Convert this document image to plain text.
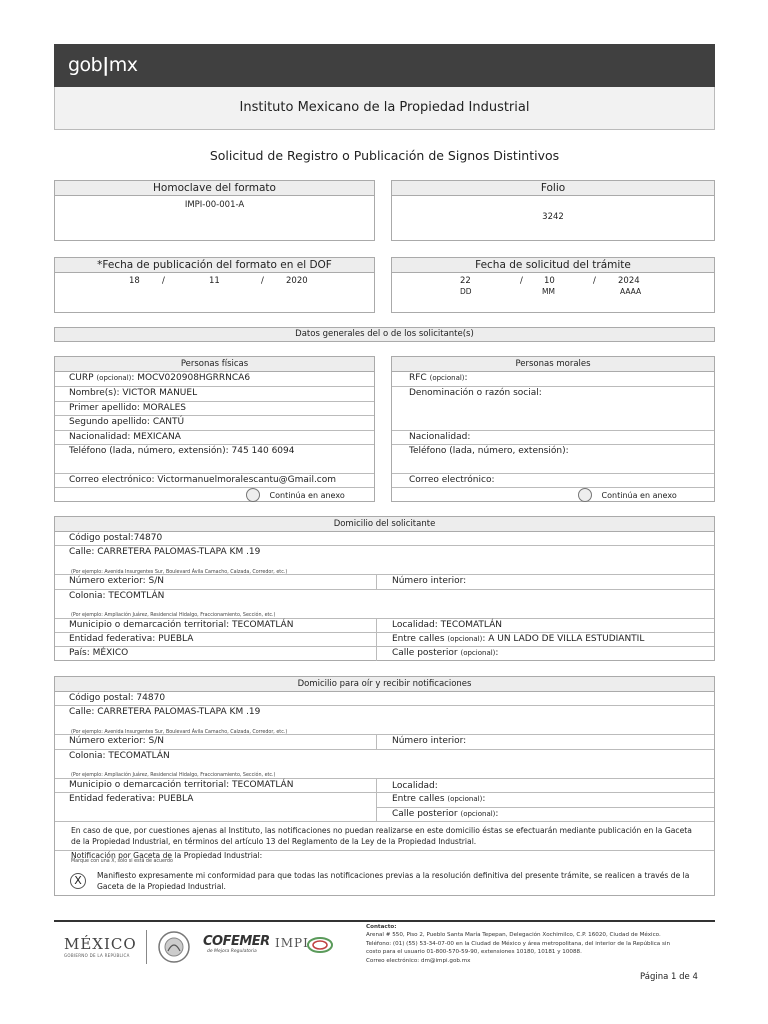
gob|mx
Instituto Mexicano de la Propiedad Industrial
Solicitud de Registro o Publicación de Signos Distintivos
Homoclave del formato
IMPI-00-001-A
Folio
3242
*Fecha de publicación del formato en el DOF
18	/	11	/	2020
Fecha de solicitud del trámite
22	/ 10	/	2024
DD	MM	AAAA
Datos generales del o de los solicitante(s)
Personas físicas
CURP (opcional): MOCV020908HGRRNCA6
Nombre(s): VICTOR MANUEL
Primer apellido: MORALES
Segundo apellido: CANTÚ
Nacionalidad: MEXICANA
Teléfono (lada, número, extensión): 745 140 6094
Correo electrónico: Victormanuelmoralescantu@Gmail.com
Continúa en anexo
Personas morales
RFC (opcional):
Denominación o razón social:
Nacionalidad:
Teléfono (lada, número, extensión):
Correo electrónico:
Continúa en anexo
Domicilio del solicitante
Código postal:74870
Calle: CARRETERA PALOMAS-TLAPA KM .19
(Por ejemplo: Avenida Insurgentes Sur, Boulevard Ávila Camacho, Calzada, Corredor, etc.)
Número exterior: S/N	Número interior:
Colonia: TECOMTLÁN
(Por ejemplo: Ampliación Juárez, Residencial Hidalgo, Fraccionamiento, Sección, etc.)
Municipio o demarcación territorial: TECOMATLÁN	Localidad: TECOMATLÁN
Entidad federativa: PUEBLA	Entre calles (opcional): A UN LADO DE VILLA ESTUDIANTIL
País: MÉXICO	Calle posterior (opcional):
Domicilio para oír y recibir notificaciones
Código postal: 74870
Calle: CARRETERA PALOMAS-TLAPA KM .19
(Por ejemplo: Avenida Insurgentes Sur, Boulevard Ávila Camacho, Calzada, Corredor, etc.)
Número exterior: S/N	Número interior:
Colonia: TECOMATLÁN
(Por ejemplo: Ampliación Juárez, Residencial Hidalgo, Fraccionamiento, Sección, etc.)
Municipio o demarcación territorial: TECOMATLÁN	Localidad:
Entidad federativa: PUEBLA	Entre calles (opcional):
Calle posterior (opcional):
En caso de que, por cuestiones ajenas al Instituto, las notificaciones no puedan realizarse en este domicilio éstas se efectuarán mediante publicación en la Gaceta de la Propiedad Industrial, en términos del artículo 13 del Reglamento de la Ley de la Propiedad Industrial.
Notificación por Gaceta de la Propiedad Industrial:
Marque con una X, sólo si está de acuerdo
X	Manifiesto expresamente mi conformidad para que todas las notificaciones previas a la resolución definitiva del presente trámite, se realicen a través de la Gaceta de la Propiedad Industrial.
MÉXICO
GOBIERNO DE LA REPÚBLICA
COFEMER
de Mejora Regulatoria
IMPI
Contacto:
Arenal # 550, Piso 2, Pueblo Santa María Tepepan, Delegación Xochimilco, C.P. 16020, Ciudad de México.
Teléfono: (01) (55) 53-34-07-00 en la Ciudad de México y área metropolitana, del interior de la República sin
costo para el usuario 01-800-570-59-90, extensiones 10180, 10181 y 10088.
Correo electrónico: dm@impi.gob.mx
Página 1 de 4
